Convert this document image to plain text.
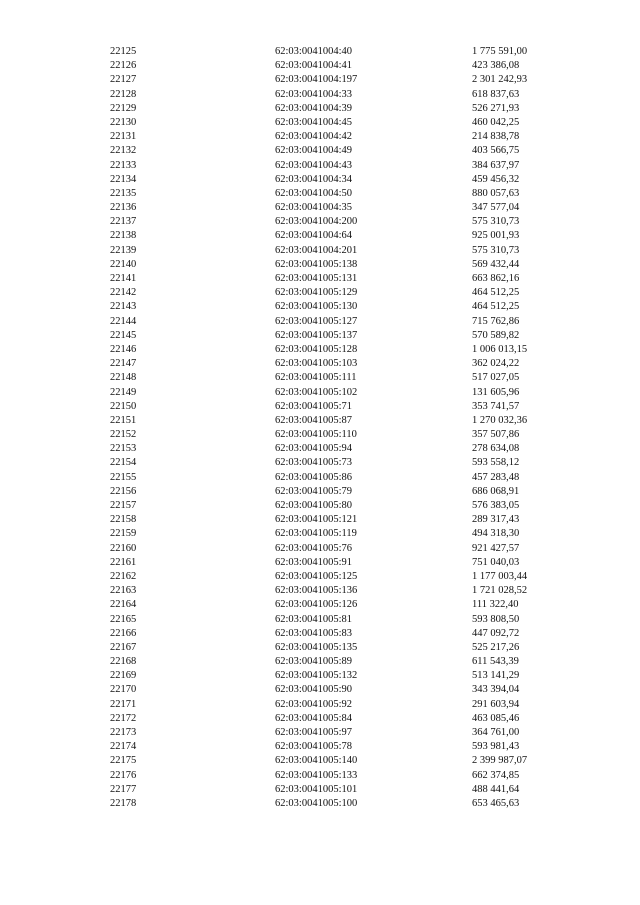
22125	62:03:0041004:40	1 775 591,00
22126	62:03:0041004:41	423 386,08
22127	62:03:0041004:197	2 301 242,93
22128	62:03:0041004:33	618 837,63
22129	62:03:0041004:39	526 271,93
22130	62:03:0041004:45	460 042,25
22131	62:03:0041004:42	214 838,78
22132	62:03:0041004:49	403 566,75
22133	62:03:0041004:43	384 637,97
22134	62:03:0041004:34	459 456,32
22135	62:03:0041004:50	880 057,63
22136	62:03:0041004:35	347 577,04
22137	62:03:0041004:200	575 310,73
22138	62:03:0041004:64	925 001,93
22139	62:03:0041004:201	575 310,73
22140	62:03:0041005:138	569 432,44
22141	62:03:0041005:131	663 862,16
22142	62:03:0041005:129	464 512,25
22143	62:03:0041005:130	464 512,25
22144	62:03:0041005:127	715 762,86
22145	62:03:0041005:137	570 589,82
22146	62:03:0041005:128	1 006 013,15
22147	62:03:0041005:103	362 024,22
22148	62:03:0041005:111	517 027,05
22149	62:03:0041005:102	131 605,96
22150	62:03:0041005:71	353 741,57
22151	62:03:0041005:87	1 270 032,36
22152	62:03:0041005:110	357 507,86
22153	62:03:0041005:94	278 634,08
22154	62:03:0041005:73	593 558,12
22155	62:03:0041005:86	457 283,48
22156	62:03:0041005:79	686 068,91
22157	62:03:0041005:80	576 383,05
22158	62:03:0041005:121	289 317,43
22159	62:03:0041005:119	494 318,30
22160	62:03:0041005:76	921 427,57
22161	62:03:0041005:91	751 040,03
22162	62:03:0041005:125	1 177 003,44
22163	62:03:0041005:136	1 721 028,52
22164	62:03:0041005:126	111 322,40
22165	62:03:0041005:81	593 808,50
22166	62:03:0041005:83	447 092,72
22167	62:03:0041005:135	525 217,26
22168	62:03:0041005:89	611 543,39
22169	62:03:0041005:132	513 141,29
22170	62:03:0041005:90	343 394,04
22171	62:03:0041005:92	291 603,94
22172	62:03:0041005:84	463 085,46
22173	62:03:0041005:97	364 761,00
22174	62:03:0041005:78	593 981,43
22175	62:03:0041005:140	2 399 987,07
22176	62:03:0041005:133	662 374,85
22177	62:03:0041005:101	488 441,64
22178	62:03:0041005:100	653 465,63
